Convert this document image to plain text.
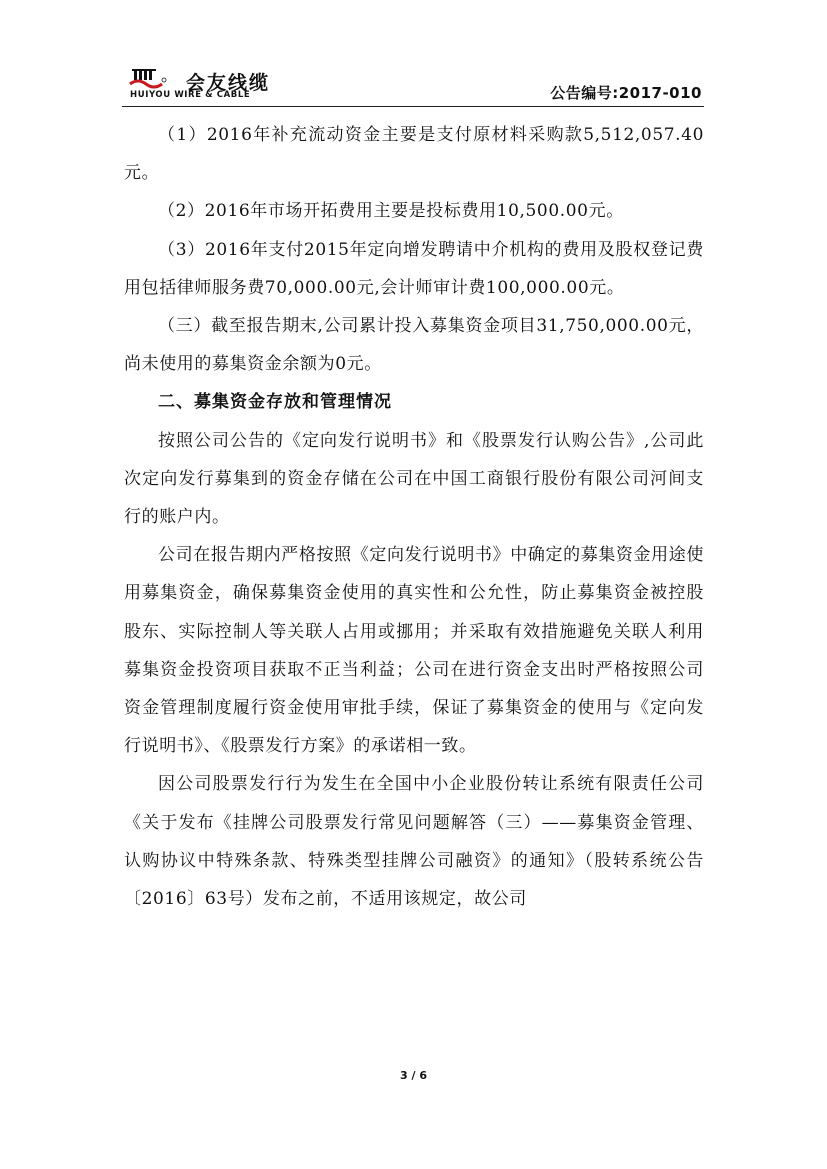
会友线缆
HUIYOU WIRE & CABLE	公告编号:2017-010

（1）2016年补充流动资金主要是支付原材料采购款5,512,057.40元。

（2）2016年市场开拓费用主要是投标费用10,500.00元。

（3）2016年支付2015年定向增发聘请中介机构的费用及股权登记费用包括律师服务费70,000.00元,会计师审计费100,000.00元。

（三）截至报告期末,公司累计投入募集资金项目31,750,000.00元，尚未使用的募集资金余额为0元。

二、募集资金存放和管理情况

按照公司公告的《定向发行说明书》和《股票发行认购公告》,公司此次定向发行募集到的资金存储在公司在中国工商银行股份有限公司河间支行的账户内。

公司在报告期内严格按照《定向发行说明书》中确定的募集资金用途使用募集资金，确保募集资金使用的真实性和公允性，防止募集资金被控股股东、实际控制人等关联人占用或挪用；并采取有效措施避免关联人利用募集资金投资项目获取不正当利益；公司在进行资金支出时严格按照公司资金管理制度履行资金使用审批手续，保证了募集资金的使用与《定向发行说明书》、《股票发行方案》的承诺相一致。

因公司股票发行行为发生在全国中小企业股份转让系统有限责任公司《关于发布《挂牌公司股票发行常见问题解答（三）——募集资金管理、认购协议中特殊条款、特殊类型挂牌公司融资》的通知》（股转系统公告〔2016〕63号）发布之前，不适用该规定，故公司

3 / 6
